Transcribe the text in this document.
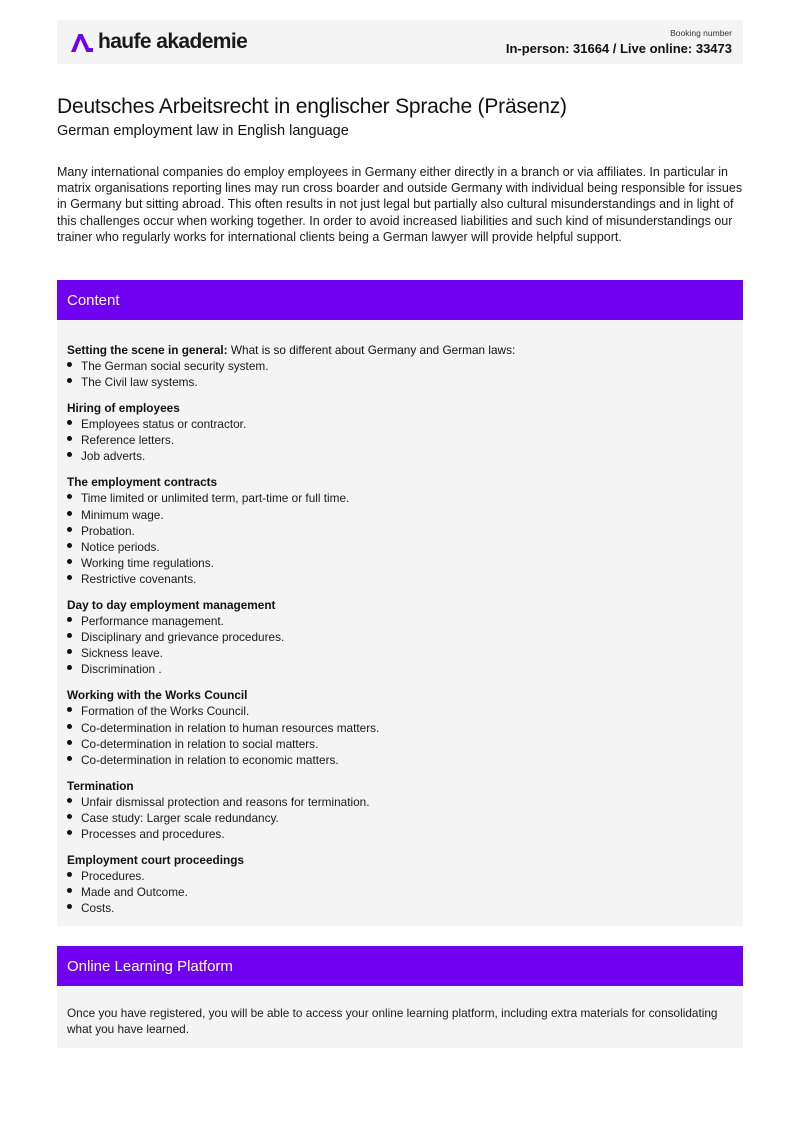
haufe akademie	Booking number
In-person: 31664 / Live online: 33473
Deutsches Arbeitsrecht in englischer Sprache (Präsenz)
German employment law in English language

Many international companies do employ employees in Germany either directly in a branch or via affiliates. In particular in matrix organisations reporting lines may run cross boarder and outside Germany with individual being responsible for issues in Germany but sitting abroad. This often results in not just legal but partially also cultural misunderstandings and in light of this challenges occur when working together. In order to avoid increased liabilities and such kind of misunderstandings our trainer who regularly works for international clients being a German lawyer will provide helpful support.

Content
Setting the scene in general: What is so different about Germany and German laws:
The German social security system.
The Civil law systems.
Hiring of employees
Employees status or contractor.
Reference letters.
Job adverts.
The employment contracts
Time limited or unlimited term, part-time or full time.
Minimum wage.
Probation.
Notice periods.
Working time regulations.
Restrictive covenants.
Day to day employment management
Performance management.
Disciplinary and grievance procedures.
Sickness leave.
Discrimination .
Working with the Works Council
Formation of the Works Council.
Co-determination in relation to human resources matters.
Co-determination in relation to social matters.
Co-determination in relation to economic matters.
Termination
Unfair dismissal protection and reasons for termination.
Case study: Larger scale redundancy.
Processes and procedures.
Employment court proceedings
Procedures.
Made and Outcome.
Costs.
Online Learning Platform

Once you have registered, you will be able to access your online learning platform, including extra materials for consolidating what you have learned.
